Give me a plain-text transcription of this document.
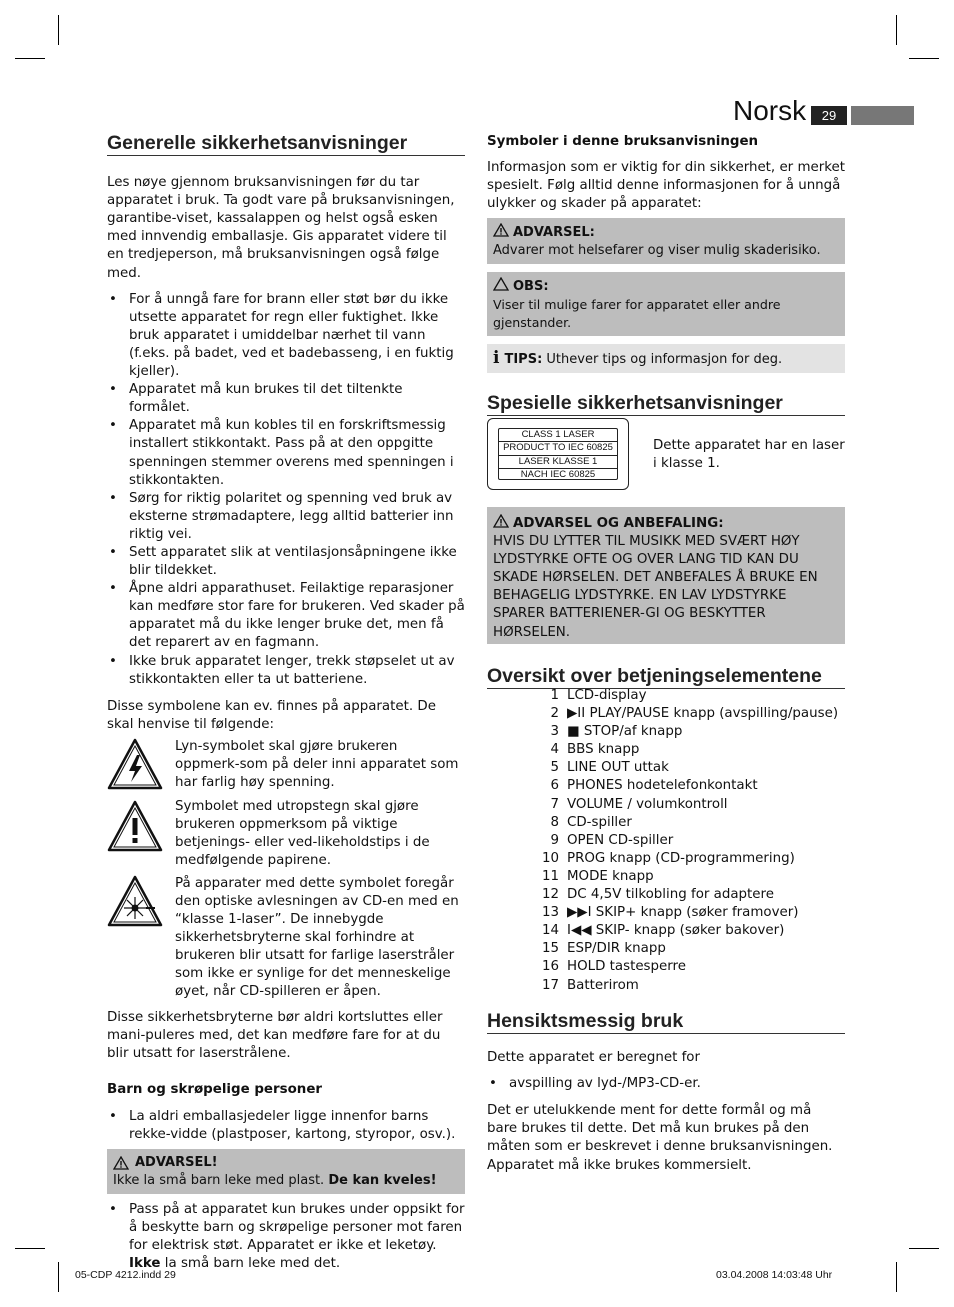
Norsk	29
Generelle sikkerhetsanvisninger

Les nøye gjennom bruksanvisningen før du tar apparatet i bruk. Ta godt vare på bruksanvisningen, garantibe-viset, kassalappen og helst også esken med innvendig emballasje. Gis apparatet videre til en tredjeperson, må bruksanvisningen også følge med.

• For å unngå fare for brann eller støt bør du ikke utsette apparatet for regn eller fuktighet. Ikke bruk apparatet i umiddelbar nærhet til vann (f.eks. på badet, ved et badebasseng, i en fuktig kjeller).
• Apparatet må kun brukes til det tiltenkte formålet.
• Apparatet må kun kobles til en forskriftsmessig installert stikkontakt. Pass på at den oppgitte spenningen stemmer overens med spenningen i stikkontakten.
• Sørg for riktig polaritet og spenning ved bruk av eksterne strømadaptere, legg alltid batterier inn riktig vei.
• Sett apparatet slik at ventilasjonsåpningene ikke blir tildekket.
• Åpne aldri apparathuset. Feilaktige reparasjoner kan medføre stor fare for brukeren. Ved skader på apparatet må du ikke lenger bruke det, men få det reparert av en fagmann.
• Ikke bruk apparatet lenger, trekk støpselet ut av stikkontakten eller ta ut batteriene.

Disse symbolene kan ev. finnes på apparatet. De skal henvise til følgende:

Lyn-symbolet skal gjøre brukeren oppmerk-som på deler inni apparatet som har farlig høy spenning.

Symbolet med utropstegn skal gjøre brukeren oppmerksom på viktige betjenings- eller ved-likeholdstips i de medfølgende papirene.

På apparater med dette symbolet foregår den optiske avlesningen av CD-en med en “klasse 1-laser”. De innebygde sikkerhetsbryterne skal forhindre at brukeren blir utsatt for farlige laserstråler som ikke er synlige for det menneskelige øyet, når CD-spilleren er åpen.

Disse sikkerhetsbryterne bør aldri kortsluttes eller mani-puleres med, det kan medføre fare for at du blir utsatt for laserstrålene.

Barn og skrøpelige personer

• La aldri emballasjedeler ligge innenfor barns rekke-vidde (plastposer, kartong, styropor, osv.).
ADVARSEL!
Ikke la små barn leke med plast. De kan kveles!
• Pass på at apparatet kun brukes under oppsikt for å beskytte barn og skrøpelige personer mot faren for elektrisk støt. Apparatet er ikke et leketøy. Ikke la små barn leke med det.

Symboler i denne bruksanvisningen

Informasjon som er viktig for din sikkerhet, er merket spesielt. Følg alltid denne informasjonen for å unngå ulykker og skader på apparatet:

ADVARSEL:
Advarer mot helsefarer og viser mulig skaderisiko.
OBS:
Viser til mulige farer for apparatet eller andre gjenstander.
i TIPS: Uthever tips og informasjon for deg.
Spesielle sikkerhetsanvisninger
CLASS 1 LASER
PRODUCT TO IEC 60825
LASER KLASSE 1
NACH IEC 60825

Dette apparatet har en laser i klasse 1.

ADVARSEL OG ANBEFALING:
HVIS DU LYTTER TIL MUSIKK MED SVÆRT HØY LYDSTYRKE OFTE OG OVER LANG TID KAN DU SKADE HØRSELEN. DET ANBEFALES Å BRUKE EN BEHAGELIG LYDSTYRKE. EN LAV LYDSTYRKE SPARER BATTERIENER-GI OG BESKYTTER HØRSELEN.
Oversikt over betjeningselementene
1 LCD-display
2 ▶II PLAY/PAUSE knapp (avspilling/pause)
3 ■ STOP/af knapp
4 BBS knapp
5 LINE OUT uttak
6 PHONES hodetelefonkontakt
7 VOLUME / volumkontroll
8 CD-spiller
9 OPEN CD-spiller
10 PROG knapp (CD-programmering)
11 MODE knapp
12 DC 4,5V tilkobling for adaptere
13 ▶▶I SKIP+ knapp (søker framover)
14 I◀◀ SKIP- knapp (søker bakover)
15 ESP/DIR knapp
16 HOLD tastesperre
17 Batterirom
Hensiktsmessig bruk

Dette apparatet er beregnet for

• avspilling av lyd-/MP3-CD-er.

Det er utelukkende ment for dette formål og må bare brukes til dette. Det må kun brukes på den måten som er beskrevet i denne bruksanvisningen. Apparatet må ikke brukes kommersielt.

05-CDP 4212.indd 29	03.04.2008 14:03:48 Uhr
